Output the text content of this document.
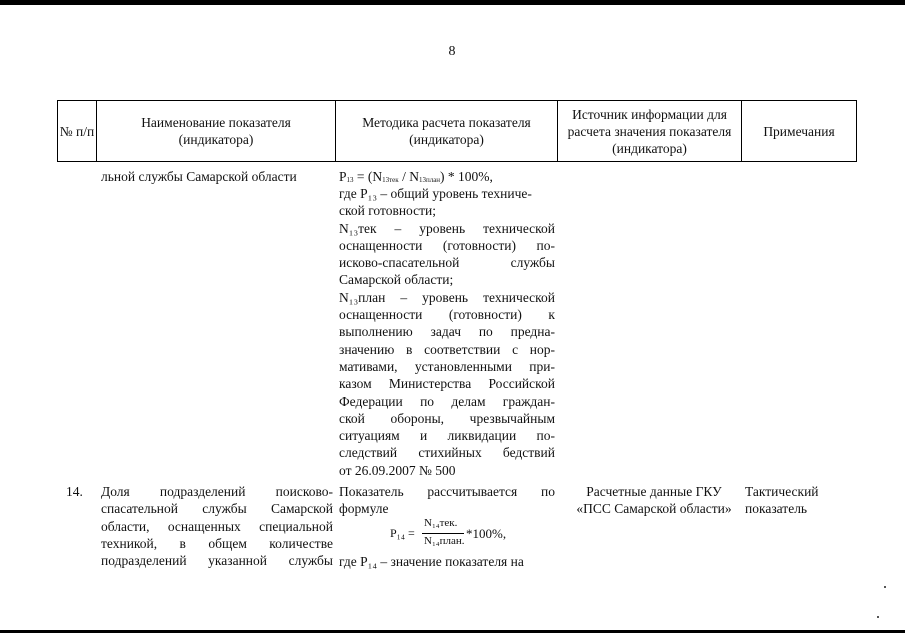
8
№ п/п
Наименование показателя (индикатора)
Методика расчета показателя (индикатора)
Источник информации для расчета значения показателя (индикатора)
Примечания
льной службы Самарской области	P13 = (N13тек / N13план) * 100%,
где P₁₃ – общий уровень техниче-
ской готовности;
N₁₃тек – уровень технической
оснащенности (готовности) по-
исково-спасательной службы
Самарской области;
N₁₃план – уровень технической
оснащенности (готовности) к
выполнению задач по предна-
значению в соответствии с нор-
мативами, установленными при-
казом Министерства Российской
Федерации по делам граждан-
ской обороны, чрезвычайным
ситуациям и ликвидации по-
следствий стихийных бедствий
от 26.09.2007 № 500
14. Доля подразделений поисково-
спасательной службы Самарской
области, оснащенных специальной
техникой, в общем количестве
подразделений указанной службы
Показатель рассчитывается по
формуле
P₁₄ =
N₁₄тек.
N₁₄план. *100%,
где P₁₄ – значение показателя на
Расчетные данные ГКУ
«ПСС Самарской области»
Тактический
показатель
